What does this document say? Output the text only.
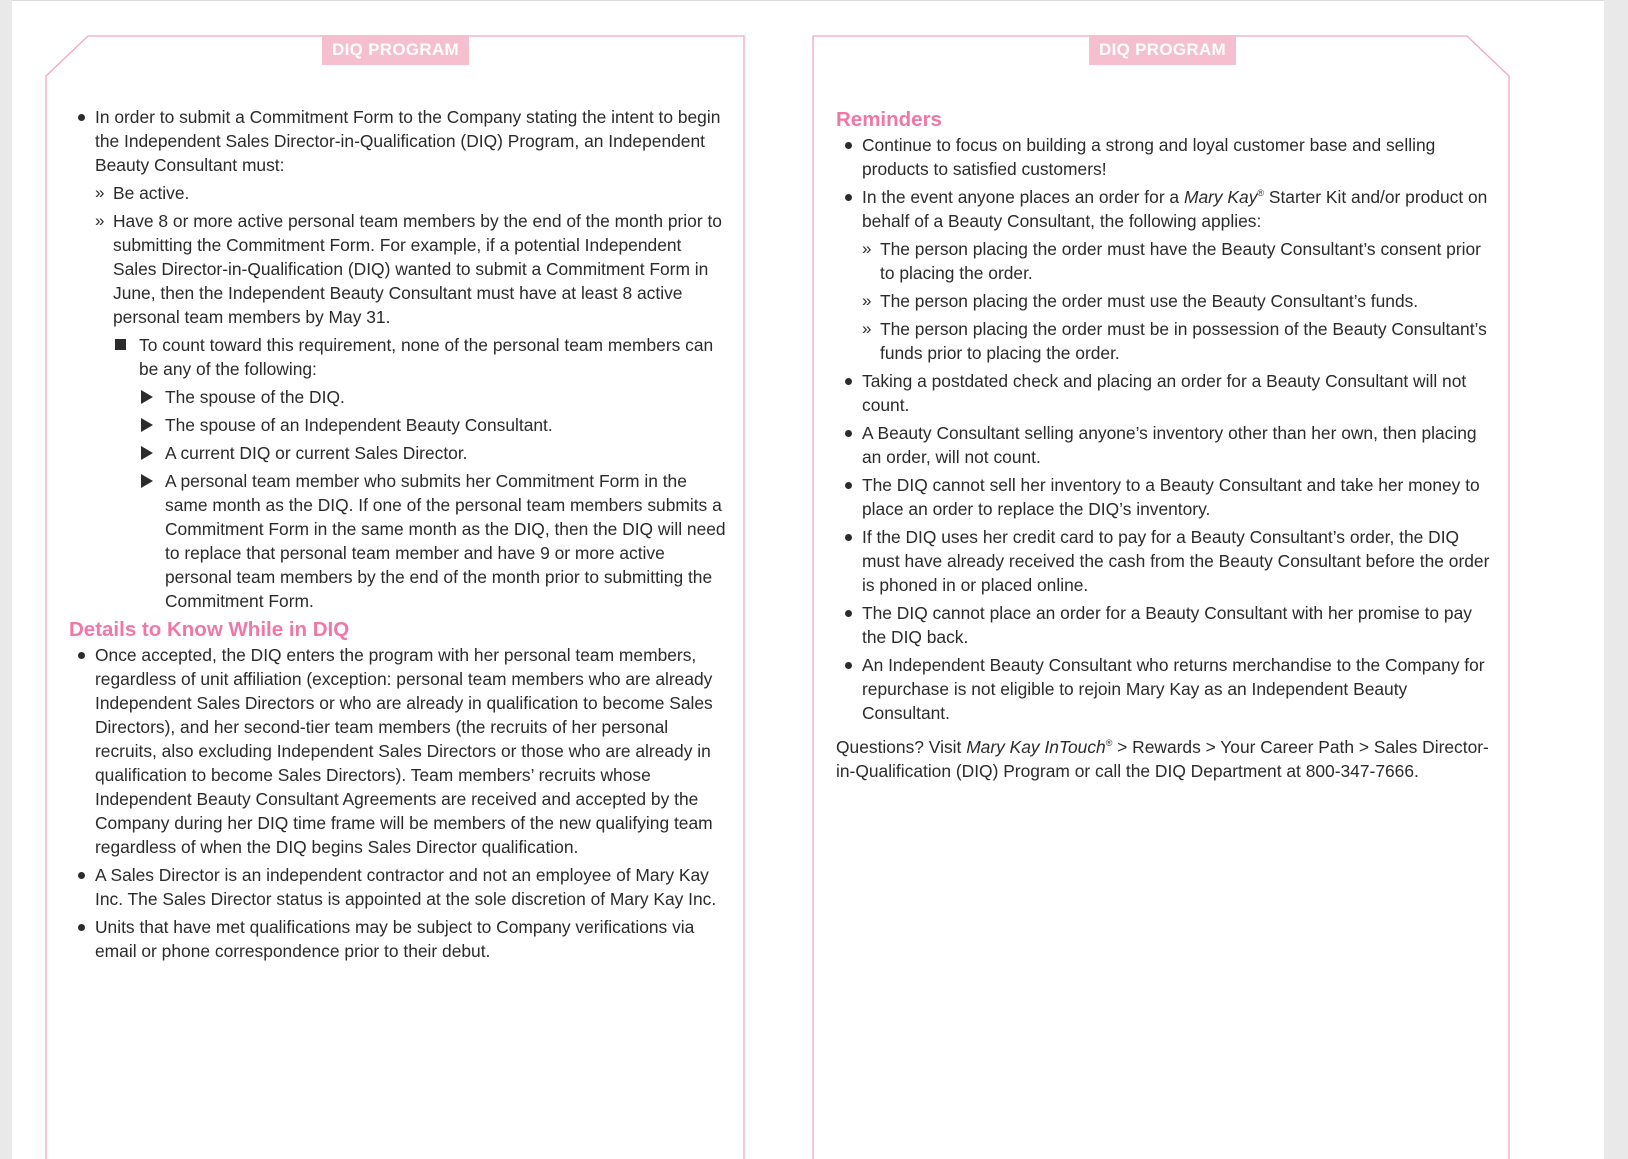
DIQ PROGRAM	DIQ PROGRAM
In order to submit a Commitment Form to the Company stating the intent to begin the Independent Sales Director-in-Qualification (DIQ) Program, an Independent Beauty Consultant must:
» Be active.
» Have 8 or more active personal team members by the end of the month prior to submitting the Commitment Form. For example, if a potential Independent Sales Director-in-Qualification (DIQ) wanted to submit a Commitment Form in June, then the Independent Beauty Consultant must have at least 8 active personal team members by May 31.
To count toward this requirement, none of the personal team members can be any of the following:
The spouse of the DIQ.
The spouse of an Independent Beauty Consultant.
A current DIQ or current Sales Director.
A personal team member who submits her Commitment Form in the same month as the DIQ. If one of the personal team members submits a Commitment Form in the same month as the DIQ, then the DIQ will need to replace that personal team member and have 9 or more active personal team members by the end of the month prior to submitting the Commitment Form.
Details to Know While in DIQ
Once accepted, the DIQ enters the program with her personal team members, regardless of unit affiliation (exception: personal team members who are already Independent Sales Directors or who are already in qualification to become Sales Directors), and her second-tier team members (the recruits of her personal recruits, also excluding Independent Sales Directors or those who are already in qualification to become Sales Directors). Team members’ recruits whose Independent Beauty Consultant Agreements are received and accepted by the Company during her DIQ time frame will be members of the new qualifying team regardless of when the DIQ begins Sales Director qualification.
A Sales Director is an independent contractor and not an employee of Mary Kay Inc. The Sales Director status is appointed at the sole discretion of Mary Kay Inc.
Units that have met qualifications may be subject to Company verifications via email or phone correspondence prior to their debut.
Reminders
Continue to focus on building a strong and loyal customer base and selling products to satisfied customers!
In the event anyone places an order for a Mary Kay® Starter Kit and/or product on behalf of a Beauty Consultant, the following applies:
» The person placing the order must have the Beauty Consultant’s consent prior to placing the order.
» The person placing the order must use the Beauty Consultant’s funds.
» The person placing the order must be in possession of the Beauty Consultant’s funds prior to placing the order.
Taking a postdated check and placing an order for a Beauty Consultant will not count.
A Beauty Consultant selling anyone’s inventory other than her own, then placing an order, will not count.
The DIQ cannot sell her inventory to a Beauty Consultant and take her money to place an order to replace the DIQ’s inventory.
If the DIQ uses her credit card to pay for a Beauty Consultant’s order, the DIQ must have already received the cash from the Beauty Consultant before the order is phoned in or placed online.
The DIQ cannot place an order for a Beauty Consultant with her promise to pay the DIQ back.
An Independent Beauty Consultant who returns merchandise to the Company for repurchase is not eligible to rejoin Mary Kay as an Independent Beauty Consultant.

Questions? Visit Mary Kay InTouch® > Rewards > Your Career Path > Sales Director-in-Qualification (DIQ) Program or call the DIQ Department at 800-347-7666.
